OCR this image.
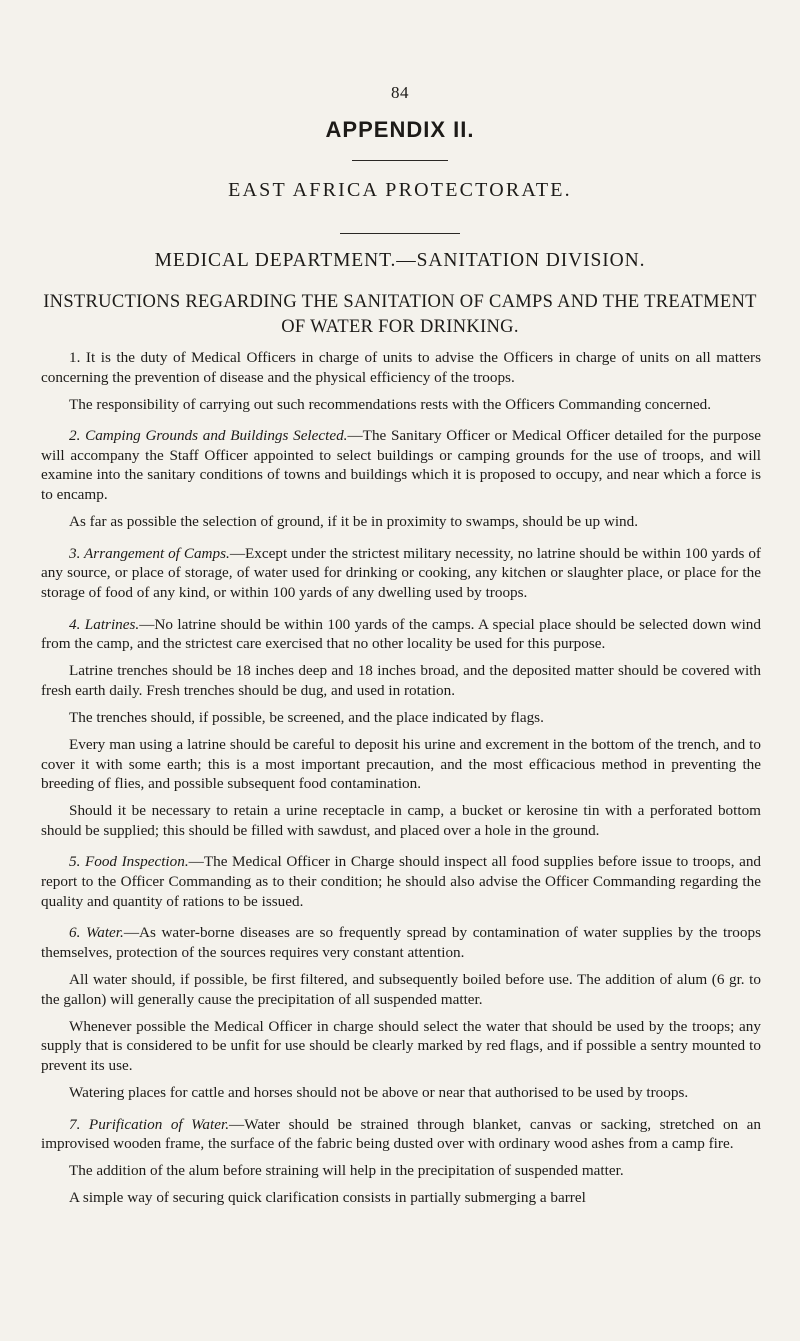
84
APPENDIX II.
EAST AFRICA PROTECTORATE.
MEDICAL DEPARTMENT.—SANITATION DIVISION.
INSTRUCTIONS REGARDING THE SANITATION OF CAMPS AND THE TREATMENT OF WATER FOR DRINKING.

1. It is the duty of Medical Officers in charge of units to advise the Officers in charge of units on all matters concerning the prevention of disease and the physical efficiency of the troops.

The responsibility of carrying out such recommendations rests with the Officers Commanding concerned.

2. Camping Grounds and Buildings Selected.—The Sanitary Officer or Medical Officer detailed for the purpose will accompany the Staff Officer appointed to select buildings or camping grounds for the use of troops, and will examine into the sanitary conditions of towns and buildings which it is proposed to occupy, and near which a force is to encamp.

As far as possible the selection of ground, if it be in proximity to swamps, should be up wind.

3. Arrangement of Camps.—Except under the strictest military necessity, no latrine should be within 100 yards of any source, or place of storage, of water used for drinking or cooking, any kitchen or slaughter place, or place for the storage of food of any kind, or within 100 yards of any dwelling used by troops.

4. Latrines.—No latrine should be within 100 yards of the camps. A special place should be selected down wind from the camp, and the strictest care exercised that no other locality be used for this purpose.

Latrine trenches should be 18 inches deep and 18 inches broad, and the deposited matter should be covered with fresh earth daily. Fresh trenches should be dug, and used in rotation.

The trenches should, if possible, be screened, and the place indicated by flags.

Every man using a latrine should be careful to deposit his urine and excrement in the bottom of the trench, and to cover it with some earth; this is a most important precaution, and the most efficacious method in preventing the breeding of flies, and possible subsequent food contamination.

Should it be necessary to retain a urine receptacle in camp, a bucket or kerosine tin with a perforated bottom should be supplied; this should be filled with sawdust, and placed over a hole in the ground.

5. Food Inspection.—The Medical Officer in Charge should inspect all food supplies before issue to troops, and report to the Officer Commanding as to their condition; he should also advise the Officer Commanding regarding the quality and quantity of rations to be issued.

6. Water.—As water-borne diseases are so frequently spread by contamination of water supplies by the troops themselves, protection of the sources requires very constant attention.

All water should, if possible, be first filtered, and subsequently boiled before use. The addition of alum (6 gr. to the gallon) will generally cause the precipitation of all suspended matter.

Whenever possible the Medical Officer in charge should select the water that should be used by the troops; any supply that is considered to be unfit for use should be clearly marked by red flags, and if possible a sentry mounted to prevent its use.

Watering places for cattle and horses should not be above or near that authorised to be used by troops.

7. Purification of Water.—Water should be strained through blanket, canvas or sacking, stretched on an improvised wooden frame, the surface of the fabric being dusted over with ordinary wood ashes from a camp fire.

The addition of the alum before straining will help in the precipitation of suspended matter.

A simple way of securing quick clarification consists in partially submerging a barrel
